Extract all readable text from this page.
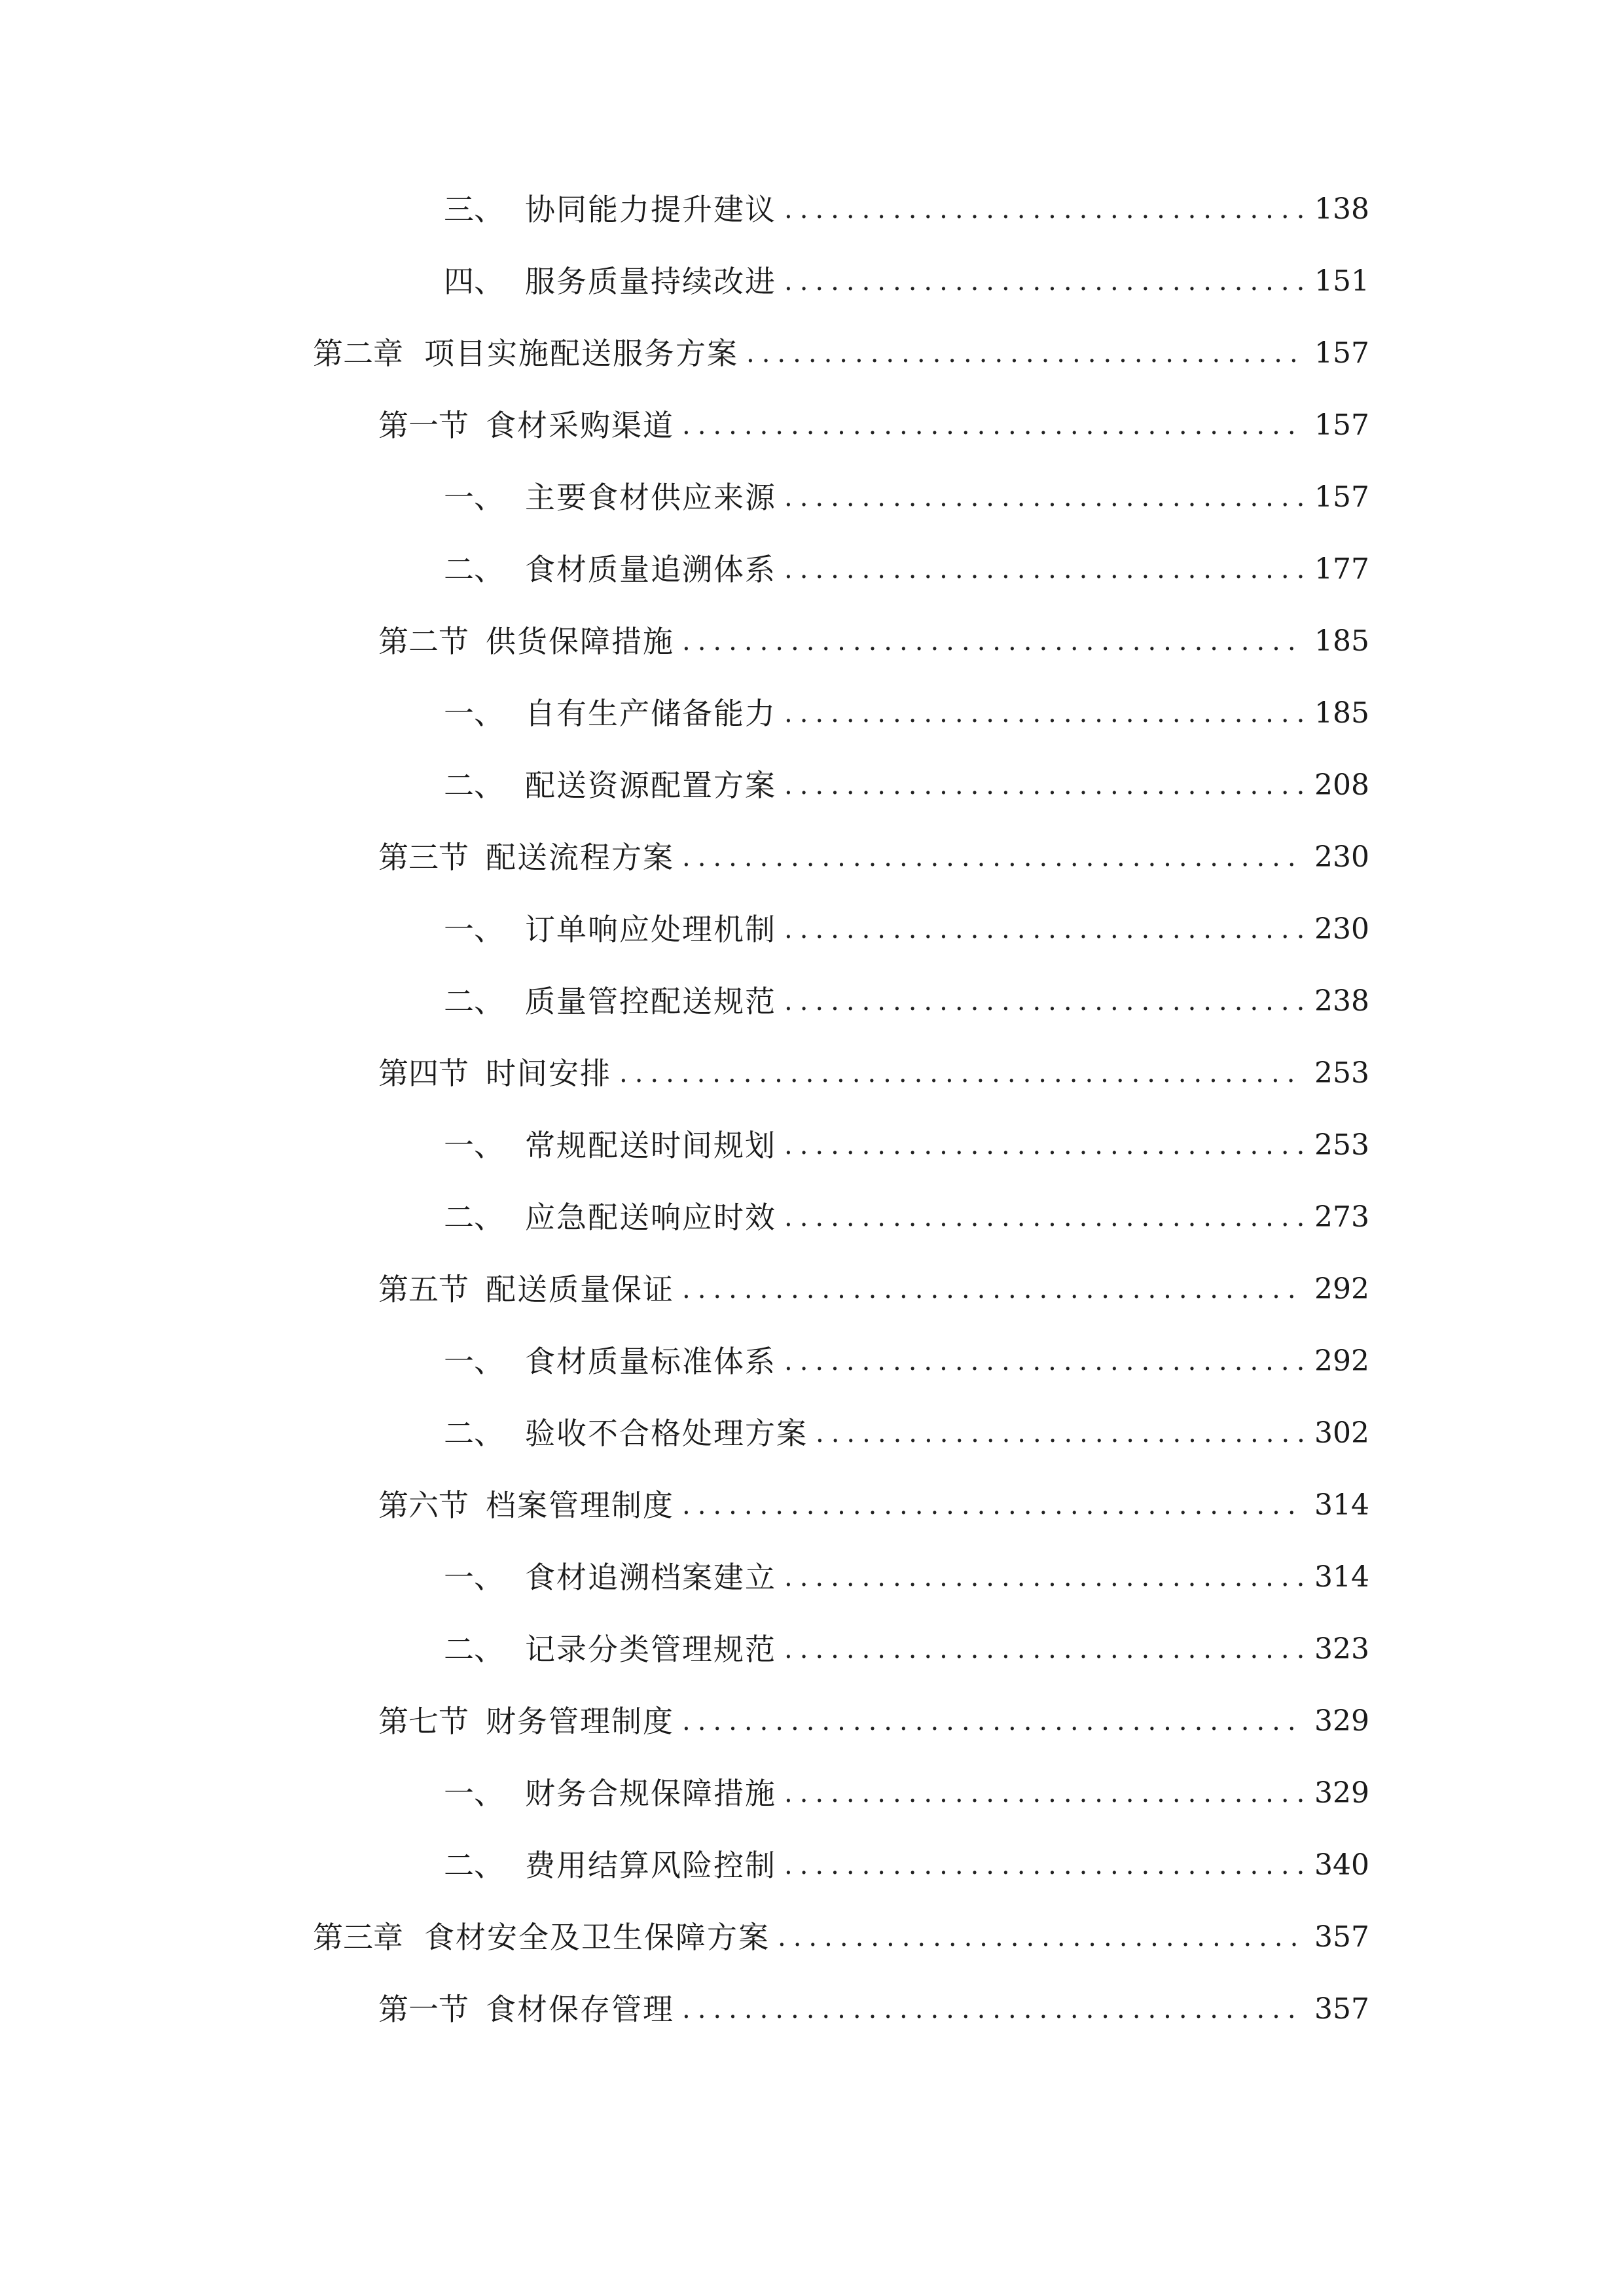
三、 协同能力提升建议 .....	138
四、 服务质量持续改进 .....	151
第二章 项目实施配送服务方案 .....	157
第一节 食材采购渠道 .....	157
一、 主要食材供应来源 .....	157
二、 食材质量追溯体系 .....	177
第二节 供货保障措施 .....	185
一、 自有生产储备能力 .....	185
二、 配送资源配置方案 .....	208
第三节 配送流程方案 .....	230
一、 订单响应处理机制 .....	230
二、 质量管控配送规范 .....	238
第四节 时间安排 .....	253
一、 常规配送时间规划 .....	253
二、 应急配送响应时效 .....	273
第五节 配送质量保证 .....	292
一、 食材质量标准体系 .....	292
二、 验收不合格处理方案 .....	302
第六节 档案管理制度 .....	314
一、 食材追溯档案建立 .....	314
二、 记录分类管理规范 .....	323
第七节 财务管理制度 .....	329
一、 财务合规保障措施 .....	329
二、 费用结算风险控制 .....	340
第三章 食材安全及卫生保障方案 .....	357
第一节 食材保存管理 .....	357
